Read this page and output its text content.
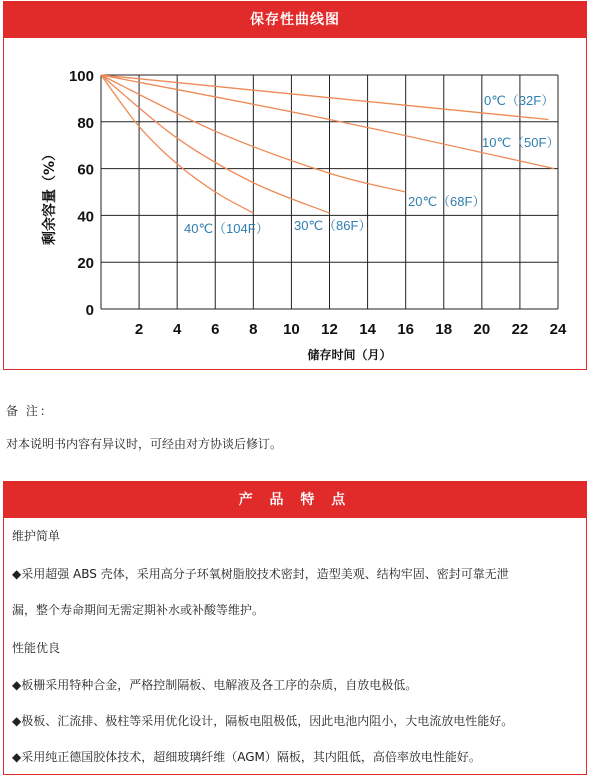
保存性曲线图
0
20
40
60
80
100
2 4 6 8 10 12 14 16 18 20 22 24
储存时间（月）
剩余容量（%）
0℃（32F）
10℃（50F）
20℃（68F）
30℃（86F）
40℃（104F）
备 注：
对本说明书内容有异议时，可经由对方协谈后修订。
产 品 特 点
维护简单
◆采用超强 ABS 壳体，采用高分子环氧树脂胶技术密封，造型美观、结构牢固、密封可靠无泄
漏，整个寿命期间无需定期补水或补酸等维护。
性能优良
◆板栅采用特种合金，严格控制隔板、电解液及各工序的杂质，自放电极低。
◆极板、汇流排、极柱等采用优化设计，隔板电阻极低，因此电池内阻小，大电流放电性能好。
◆采用纯正德国胶体技术，超细玻璃纤维（AGM）隔板，其内阻低，高倍率放电性能好。
